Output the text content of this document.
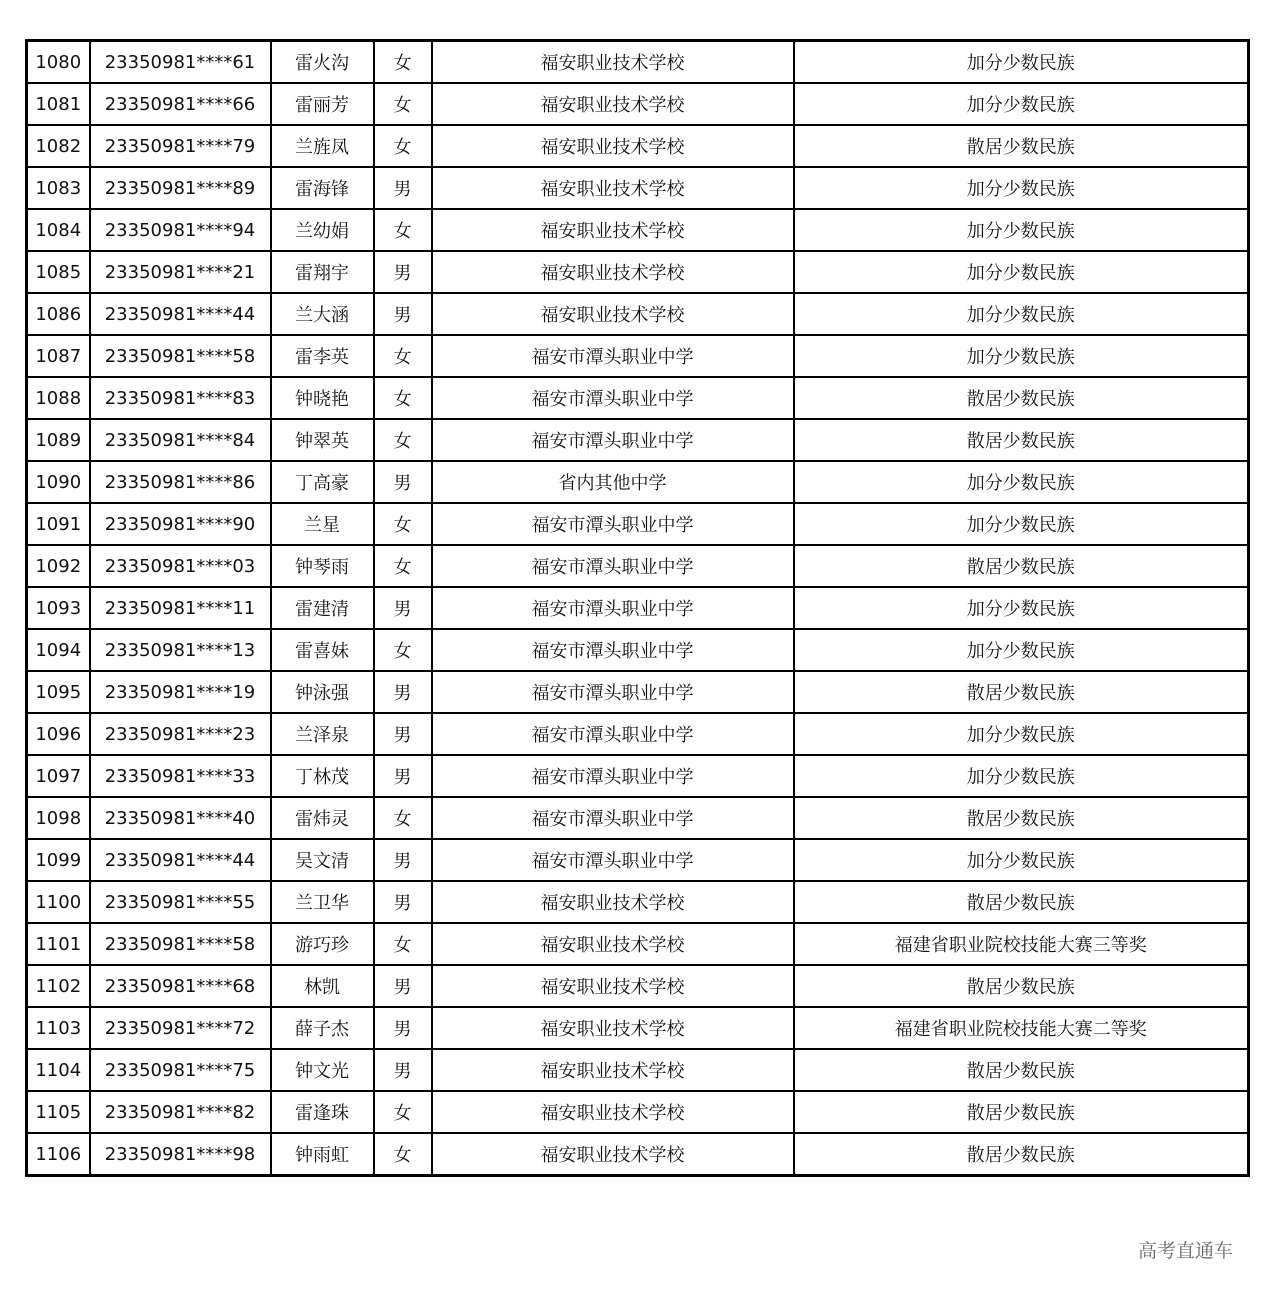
1080	23350981****61	雷火沟	女	福安职业技术学校	加分少数民族
1081	23350981****66	雷丽芳	女	福安职业技术学校	加分少数民族
1082	23350981****79	兰旌凤	女	福安职业技术学校	散居少数民族
1083	23350981****89	雷海锋	男	福安职业技术学校	加分少数民族
1084	23350981****94	兰幼娟	女	福安职业技术学校	加分少数民族
1085	23350981****21	雷翔宇	男	福安职业技术学校	加分少数民族
1086	23350981****44	兰大涵	男	福安职业技术学校	加分少数民族
1087	23350981****58	雷李英	女	福安市潭头职业中学	加分少数民族
1088	23350981****83	钟晓艳	女	福安市潭头职业中学	散居少数民族
1089	23350981****84	钟翠英	女	福安市潭头职业中学	散居少数民族
1090	23350981****86	丁高豪	男	省内其他中学	加分少数民族
1091	23350981****90	兰星	女	福安市潭头职业中学	加分少数民族
1092	23350981****03	钟琴雨	女	福安市潭头职业中学	散居少数民族
1093	23350981****11	雷建清	男	福安市潭头职业中学	加分少数民族
1094	23350981****13	雷喜妹	女	福安市潭头职业中学	加分少数民族
1095	23350981****19	钟泳强	男	福安市潭头职业中学	散居少数民族
1096	23350981****23	兰泽泉	男	福安市潭头职业中学	加分少数民族
1097	23350981****33	丁林茂	男	福安市潭头职业中学	加分少数民族
1098	23350981****40	雷炜灵	女	福安市潭头职业中学	散居少数民族
1099	23350981****44	吴文清	男	福安市潭头职业中学	加分少数民族
1100	23350981****55	兰卫华	男	福安职业技术学校	散居少数民族
1101	23350981****58	游巧珍	女	福安职业技术学校	福建省职业院校技能大赛三等奖
1102	23350981****68	林凯	男	福安职业技术学校	散居少数民族
1103	23350981****72	薛子杰	男	福安职业技术学校	福建省职业院校技能大赛二等奖
1104	23350981****75	钟文光	男	福安职业技术学校	散居少数民族
1105	23350981****82	雷逢珠	女	福安职业技术学校	散居少数民族
1106	23350981****98	钟雨虹	女	福安职业技术学校	散居少数民族
高考直通车
